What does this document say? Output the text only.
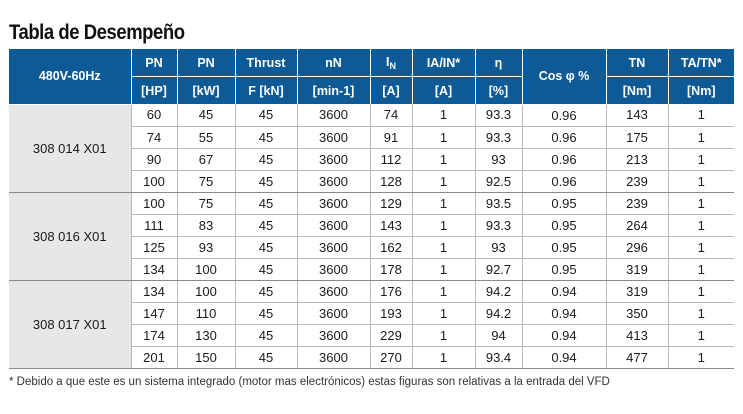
Tabla de Desempeño
480V-60Hz	PN	PN	Thrust	nN	$I_N$	IA/IN*	η	Cos φ %	TN	TA/TN*
	[HP]	[kW]	F [kN]	[min-1]	[A]	[A]	[%]		[Nm]	[Nm]
308 014 X01	60	45	45	3600	74	1	93.3	0.96	143	1
	74	55	45	3600	91	1	93.3	0.96	175	1
	90	67	45	3600	112	1	93	0.96	213	1
	100	75	45	3600	128	1	92.5	0.96	239	1
308 016 X01	100	75	45	3600	129	1	93.5	0.95	239	1
	111	83	45	3600	143	1	93.3	0.95	264	1
	125	93	45	3600	162	1	93	0.95	296	1
	134	100	45	3600	178	1	92.7	0.95	319	1
308 017 X01	134	100	45	3600	176	1	94.2	0.94	319	1
	147	110	45	3600	193	1	94.2	0.94	350	1
	174	130	45	3600	229	1	94	0.94	413	1
	201	150	45	3600	270	1	93.4	0.94	477	1
* Debido a que este es un sistema integrado (motor mas electrónicos) estas figuras son relativas a la entrada del VFD
